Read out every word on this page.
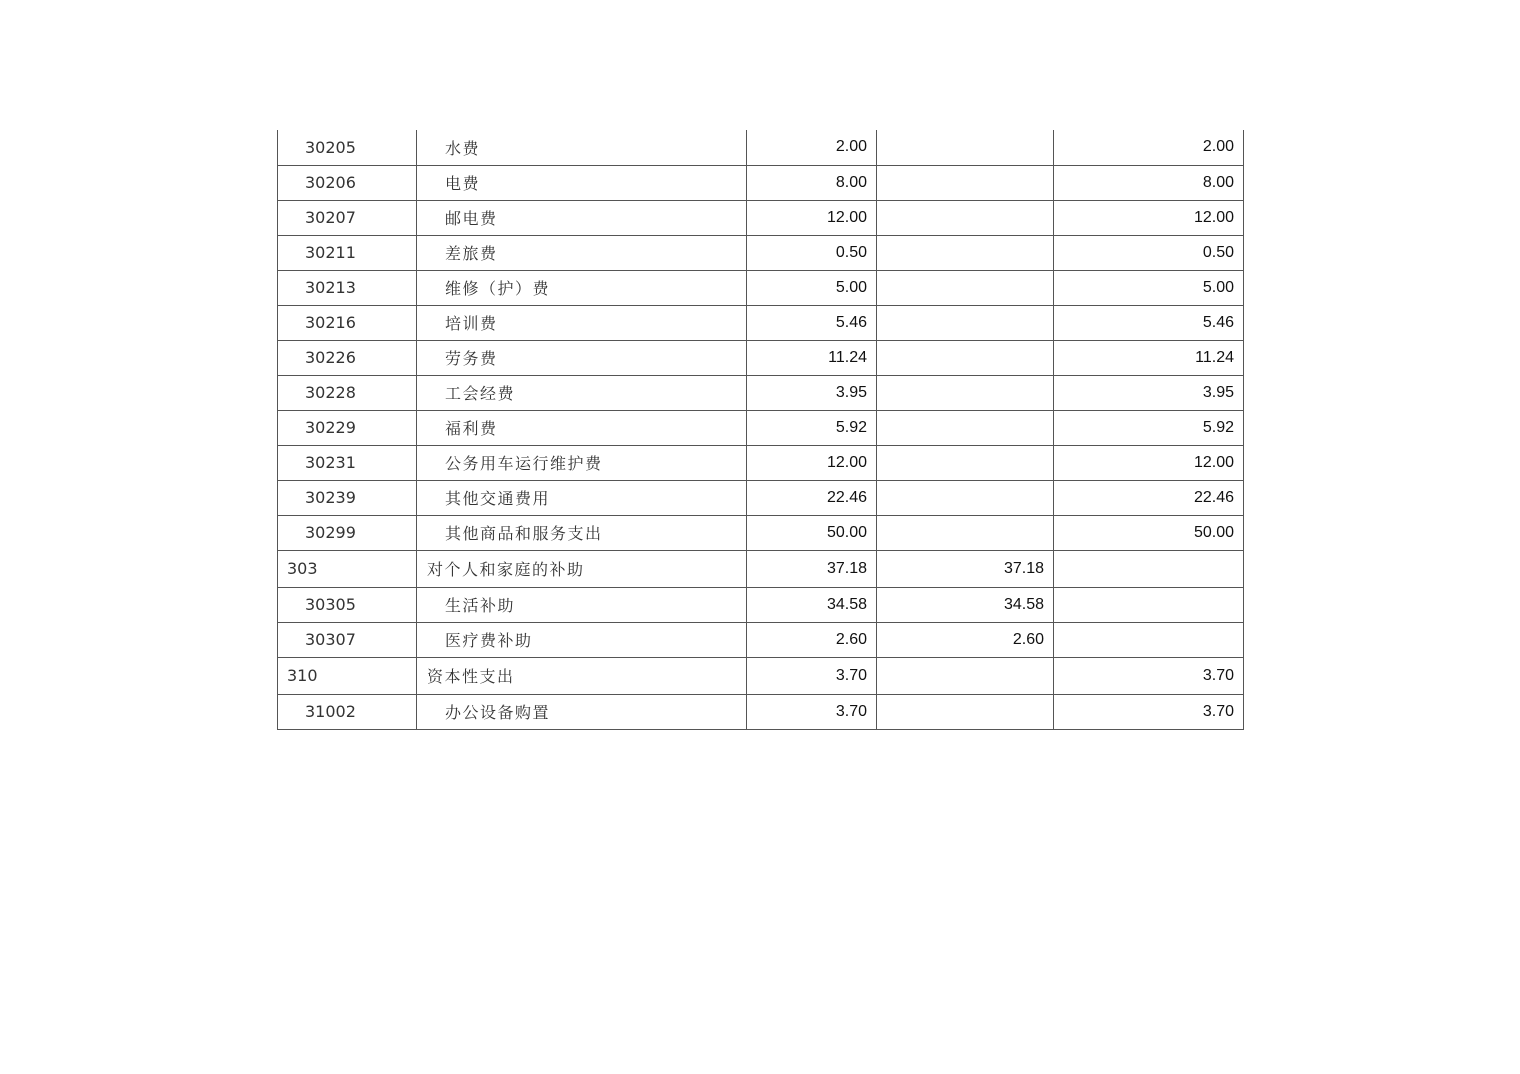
30205	水费	2.00		2.00
30206	电费	8.00		8.00
30207	邮电费	12.00		12.00
30211	差旅费	0.50		0.50
30213	维修（护）费	5.00		5.00
30216	培训费	5.46		5.46
30226	劳务费	11.24		11.24
30228	工会经费	3.95		3.95
30229	福利费	5.92		5.92
30231	公务用车运行维护费	12.00		12.00
30239	其他交通费用	22.46		22.46
30299	其他商品和服务支出	50.00		50.00
303	对个人和家庭的补助	37.18	37.18	
30305	生活补助	34.58	34.58	
30307	医疗费补助	2.60	2.60	
310	资本性支出	3.70		3.70
31002	办公设备购置	3.70		3.70
